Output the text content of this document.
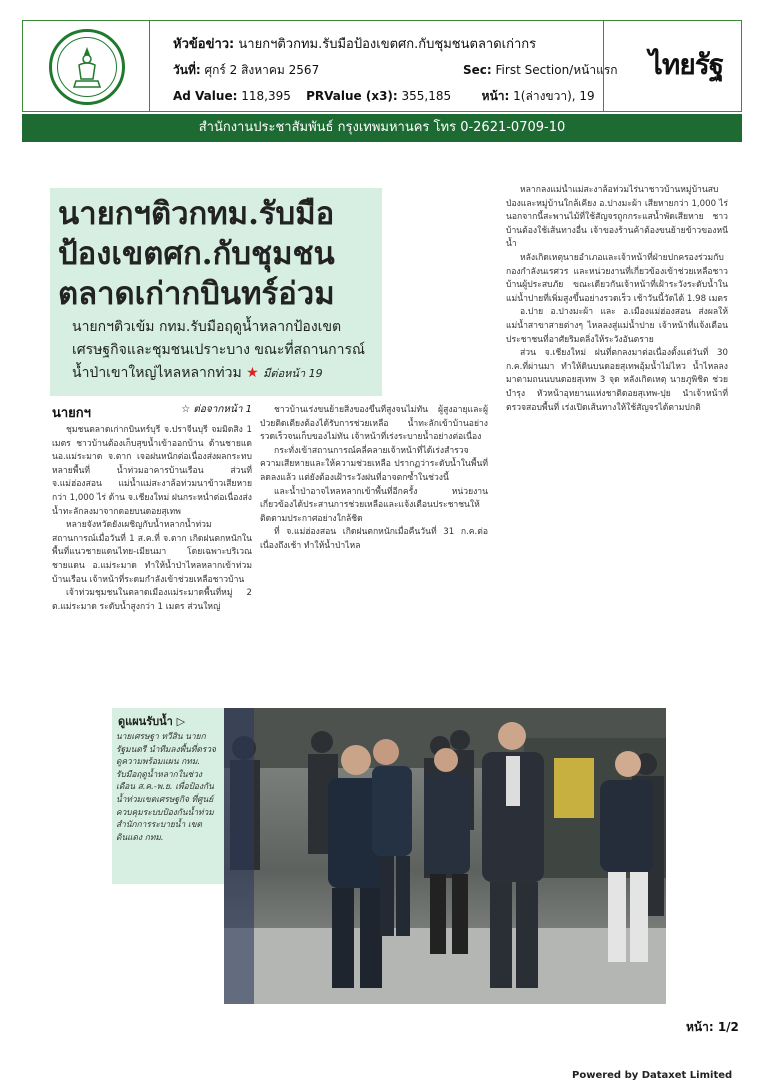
หัวข้อข่าว: นายกฯติวกทม.รับมือป้องเขตศก.กับชุมชนตลาดเก่ากร
วันที่: ศุกร์ 2 สิงหาคม 2567	Sec: First Section/หน้าแรก
Ad Value: 118,395 PRValue (x3): 355,185	หน้า: 1(ล่างขวา), 19
ไทยรัฐ
สำนักงานประชาสัมพันธ์ กรุงเทพมหานคร โทร 0-2621-0709-10
นายกฯติวกทม.รับมือ ป้องเขตศก.กับชุมชน ตลาดเก่ากบินทร์อ่วม
นายกฯติวเข้ม กทม.รับมือฤดูน้ำหลากป้องเขตเศรษฐกิจและชุมชนเปราะบาง ขณะที่สถานการณ์น้ำป่าเขาใหญ่ไหลหลากท่วม ★ มีต่อหน้า 19
นายกฯ	☆ ต่อจากหน้า 1

ชุมชนตลาดเก่ากบินทร์บุรี จ.ปราจีนบุรี จมมิดสิง 1 เมตร ชาวบ้านต้องเก็บสุขน้ำเข้าออกบ้าน ด้านชายแดนอ.แม่ระมาด จ.ตาก เจอฝนหนักต่อเนื่องส่งผลกระทบหลายพื้นที่ น้ำท่วมอาคารบ้านเรือน ส่วนที่ จ.แม่ฮ่องสอน แม่น้ำแม่สะงาล้อท่วมนาข้าวเสียหายกว่า 1,000 ไร่ ด้าน จ.เชียงใหม่ ฝนกระหน่ำต่อเนื่องส่งน้ำทะลักลงมาจากดอยบนดอยสุเทพ

หลายจังหวัดยังเผชิญกับน้ำหลากน้ำท่วม สถานการณ์เมื่อวันที่ 1 ส.ค.ที่ จ.ตาก เกิดฝนตกหนักในพื้นที่แนวชายแดนไทย-เมียนมา โดยเฉพาะบริเวณชายแดน อ.แม่ระมาด ทำให้น้ำป่าไหลหลากเข้าท่วมบ้านเรือน เจ้าหน้าที่ระดมกำลังเข้าช่วยเหลือชาวบ้าน

เจ้าท่วมชุมชนในตลาดเมืองแม่ระมาดพื้นที่หมู่ 2 ต.แม่ระมาด ระดับน้ำสูงกว่า 1 เมตร ส่วนใหญ่

ชาวบ้านเร่งขนย้ายสิ่งของขึ้นที่สูงจนไม่ทัน ผู้สูงอายุและผู้ป่วยติดเตียงต้องได้รับการช่วยเหลือ น้ำทะลักเข้าบ้านอย่างรวดเร็วจนเก็บของไม่ทัน เจ้าหน้าที่เร่งระบายน้ำอย่างต่อเนื่อง

กระทั่งเข้าสถานการณ์คลี่คลายเจ้าหน้าที่ได้เร่งสำรวจความเสียหายและให้ความช่วยเหลือ ปรากฏว่าระดับน้ำในพื้นที่ลดลงแล้ว แต่ยังต้องเฝ้าระวังฝนที่อาจตกซ้ำในช่วงนี้

และน้ำป่าอาจไหลหลากเข้าพื้นที่อีกครั้ง หน่วยงานเกี่ยวข้องได้ประสานการช่วยเหลือและแจ้งเตือนประชาชนให้ติดตามประกาศอย่างใกล้ชิด

ที่ จ.แม่ฮ่องสอน เกิดฝนตกหนักเมื่อคืนวันที่ 31 ก.ค.ต่อเนื่องถึงเช้า ทำให้น้ำป่าไหล

หลากลงแม่น้ำแม่สะงาล้อท่วมไร่นาชาวบ้านหมู่บ้านสบป่องและหมู่บ้านใกล้เคียง อ.ปางมะผ้า เสียหายกว่า 1,000 ไร่ นอกจากนี้สะพานไม้ที่ใช้สัญจรถูกกระแสน้ำพัดเสียหาย ชาวบ้านต้องใช้เส้นทางอื่น เจ้าของร้านค้าต้องขนย้ายข้าวของหนีน้ำ

หลังเกิดเหตุนายอำเภอและเจ้าหน้าที่ฝ่ายปกครองร่วมกับกองกำลังนเรศวร และหน่วยงานที่เกี่ยวข้องเข้าช่วยเหลือชาวบ้านผู้ประสบภัย ขณะเดียวกันเจ้าหน้าที่เฝ้าระวังระดับน้ำในแม่น้ำปายที่เพิ่มสูงขึ้นอย่างรวดเร็ว เช้าวันนี้วัดได้ 1.98 เมตร

อ.ปาย อ.ปางมะผ้า และ อ.เมืองแม่ฮ่องสอน ส่งผลให้แม่น้ำสาขาสายต่างๆ ไหลลงสู่แม่น้ำปาย เจ้าหน้าที่แจ้งเตือนประชาชนที่อาศัยริมตลิ่งให้ระวังอันตราย

ส่วน จ.เชียงใหม่ ฝนที่ตกลงมาต่อเนื่องตั้งแต่วันที่ 30 ก.ค.ที่ผ่านมา ทำให้ดินบนดอยสุเทพอุ้มน้ำไม่ไหว น้ำไหลลงมาตามถนนบนดอยสุเทพ 3 จุด หลังเกิดเหตุ นายภูพิชิต ช่วยบำรุง หัวหน้าอุทยานแห่งชาติดอยสุเทพ-ปุย นำเจ้าหน้าที่ตรวจสอบพื้นที่ เร่งเปิดเส้นทางให้ใช้สัญจรได้ตามปกติ

ดูแผนรับน้ำ ▷
นายเศรษฐา ทวีสิน นายกรัฐมนตรี นำทีมลงพื้นที่ตรวจดูความพร้อมแผน กทม. รับมือฤดูน้ำหลากในช่วงเดือน ส.ค.-พ.ย. เพื่อป้องกันน้ำท่วมเขตเศรษฐกิจ ที่ศูนย์ควบคุมระบบป้องกันน้ำท่วม สำนักการระบายน้ำ เขตดินแดง กทม.
หน้า: 1/2
Powered by Dataxet Limited
